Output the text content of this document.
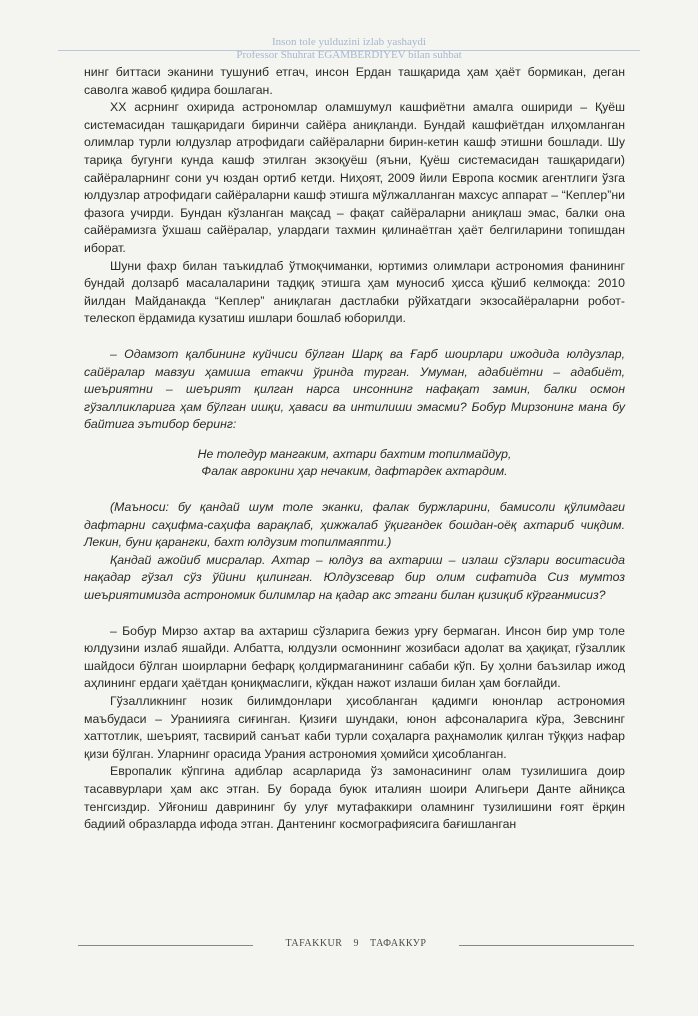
Inson tole yulduzini izlab yashaydi
Professor Shuhrat EGAMBERDIYEV bilan suhbat

нинг биттаси эканини тушуниб етгач, инсон Ердан ташқарида ҳам ҳаёт бормикан, деган саволга жавоб қидира бошлаган.

XX асрнинг охирида астрономлар оламшумул кашфиётни амалга ошириди – Қуёш системасидан ташқаридаги биринчи сайёра аниқланди. Бундай кашфиётдан илҳомланган олимлар турли юлдузлар атрофидаги сайёраларни бирин-кетин кашф этишни бошлади. Шу тариқа бугунги кунда кашф этилган экзоқуёш (яъни, Қуёш системасидан ташқаридаги) сайёраларнинг сони уч юздан ортиб кетди. Ниҳоят, 2009 йили Европа космик агентлиги ўзга юлдузлар атрофидаги сайёраларни кашф этишга мўлжалланган махсус аппарат – “Кеплер”ни фазога учирди. Бундан кўзланган мақсад – фақат сайёраларни аниқлаш эмас, балки она сайёрамизга ўхшаш сайёралар, улардаги тахмин қилинаётган ҳаёт белгиларини топишдан иборат.

Шуни фахр билан таъкидлаб ўтмоқчиманки, юртимиз олимлари астрономия фанининг бундай долзарб масалаларини тадқиқ этишга ҳам муносиб ҳисса қўшиб келмоқда: 2010 йилдан Майданакда “Кеплер” аниқлаган дастлабки рўйхатдаги экзосайёраларни робот-телескоп ёрдамида кузатиш ишлари бошлаб юборилди.

– Одамзот қалбининг куйчиси бўлган Шарқ ва Ғарб шоирлари ижодида юлдузлар, сайёралар мавзуи ҳамиша етакчи ўринда турган. Умуман, адабиётни – адабиёт, шеъриятни – шеърият қилган нарса инсоннинг нафақат замин, балки осмон гўзалликларига ҳам бўлган ишқи, ҳаваси ва интилиши эмасми? Бобур Мирзонинг мана бу байтига эътибор беринг:

Не толедур мангаким, ахтари бахтим топилмайдур,

Фалак аврокини ҳар нечаким, дафтардек ахтардим.

(Маъноси: бу қандай шум толе эканки, фалак буржларини, бамисоли қўлимдаги дафтарни саҳифма-саҳифа варақлаб, ҳижжалаб ўқигандек бошдан-оёқ ахтариб чиқдим. Лекин, буни қарангки, бахт юлдузим топилмаяпти.)

Қандай ажойиб мисралар. Ахтар – юлдуз ва ахтариш – излаш сўзлари воситасида нақадар гўзал сўз ўйини қилинган. Юлдузсевар бир олим сифатида Сиз мумтоз шеъриятимизда астрономик билимлар на қадар акс этгани билан қизиқиб кўрганмисиз?

– Бобур Мирзо ахтар ва ахтариш сўзларига бежиз урғу бермаган. Инсон бир умр толе юлдузини излаб яшайди. Албатта, юлдузли осмоннинг жозибаси адолат ва ҳақиқат, гўзаллик шайдоси бўлган шоирларни бефарқ қолдирмаганининг сабаби кўп. Бу ҳолни баъзилар ижод аҳлининг ердаги ҳаётдан қониқмаслиги, кўкдан нажот излаши билан ҳам боғлайди.

Гўзалликнинг нозик билимдонлари ҳисобланган қадимги юнонлар астрономия маъбудаси – Ураниияга сиғинган. Қизиғи шундаки, юнон афсоналарига кўра, Зевснинг хаттотлик, шеърият, тасвирий санъат каби турли соҳаларга раҳнамолик қилган тўққиз нафар қизи бўлган. Уларнинг орасида Урания астрономия ҳомийси ҳисобланган.

Европалик кўпгина адиблар асарларида ўз замонасининг олам тузилишига доир тасаввурлари ҳам акс этган. Бу борада буюк италиян шоири Алигьери Данте айниқса тенгсиздир. Уйғониш даврининг бу улуғ мутафаккири оламнинг тузилишини ғоят ёрқин бадиий образларда ифода этган. Дантенинг космографиясига бағишланган

TAFAKKUR 9 ТАФАККУР
